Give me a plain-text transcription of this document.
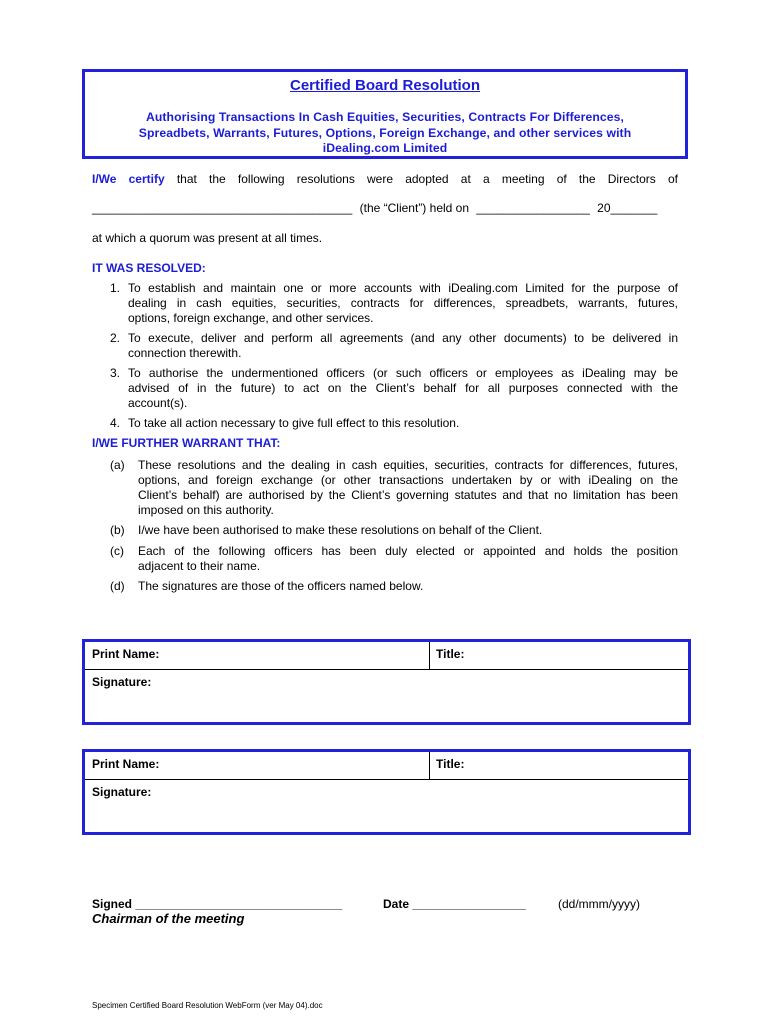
Certified Board Resolution
Authorising Transactions In Cash Equities, Securities, Contracts For Differences,
Spreadbets, Warrants, Futures, Options, Foreign Exchange, and other services with
iDealing.com Limited
I/We certify that the following resolutions were adopted at a meeting of the Directors of
_______________________________________ (the “Client”) held on _________________ 20_______
at which a quorum was present at all times.
IT WAS RESOLVED:
1. To establish and maintain one or more accounts with iDealing.com Limited for the purpose of
dealing in cash equities, securities, contracts for differences, spreadbets, warrants, futures,
options, foreign exchange, and other services.
2. To execute, deliver and perform all agreements (and any other documents) to be delivered in
connection therewith.
3. To authorise the undermentioned officers (or such officers or employees as iDealing may be
advised of in the future) to act on the Client’s behalf for all purposes connected with the
account(s).
4. To take all action necessary to give full effect to this resolution.
I/WE FURTHER WARRANT THAT:
(a) These resolutions and the dealing in cash equities, securities, contracts for differences, futures,
options, and foreign exchange (or other transactions undertaken by or with iDealing on the
Client’s behalf) are authorised by the Client’s governing statutes and that no limitation has been
imposed on this authority.
(b) I/we have been authorised to make these resolutions on behalf of the Client.
(c) Each of the following officers has been duly elected or appointed and holds the position
adjacent to their name.
(d) The signatures are those of the officers named below.
Print Name:	Title:
Signature:
Print Name:	Title:
Signature:
Signed _______________________________
Chairman of the meeting
Date _________________	(dd/mmm/yyyy)
Specimen Certified Board Resolution WebForm (ver May 04).doc
